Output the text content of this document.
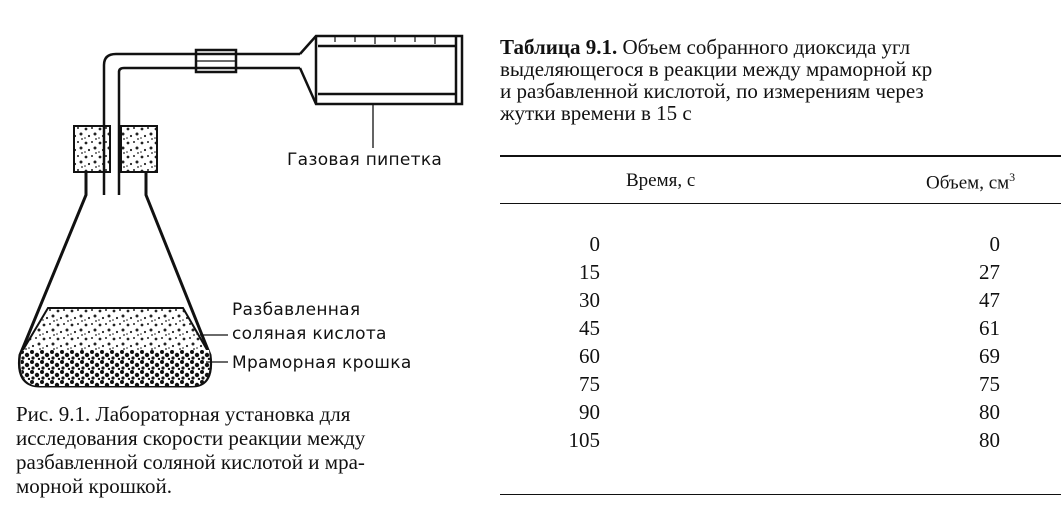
Газовая пипетка
Разбавленная
соляная кислота
Мраморная крошка
Рис. 9.1. Лабораторная установка для
исследования скорости реакции между
разбавленной соляной кислотой и мра-
морной крошкой.
Таблица 9.1. Объем собранного диоксида угл
выделяющегося в реакции между мраморной кр
и разбавленной кислотой, по измерениям через
жутки времени в 15 с
Время, с	Объем, $см^3$
0	0
15	27
30	47
45	61
60	69
75	75
90	80
105	80
